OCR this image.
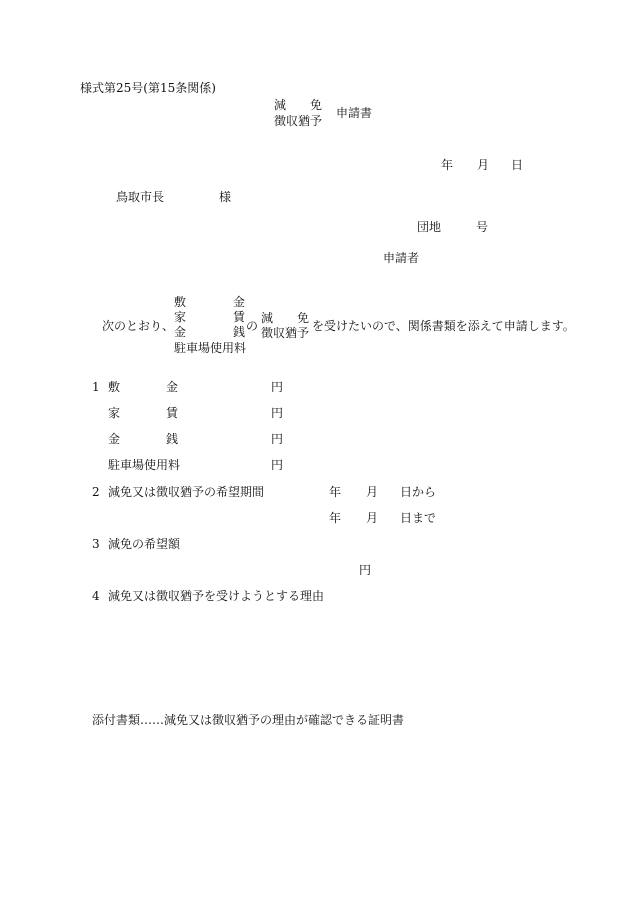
様式第25号(第15条関係)
減　　免
徴収猶予
申請書
年 月 日
鳥取市長	様
団地	号
申請者
敷
家
金
金
賃
銭
駐車場使用料
次のとおり、	の
減　　免
徴収猶予 を受けたいので、関係書類を添えて申請します。
1 敷	金	円
家	賃	円
金	銭	円
駐車場使用料	円
2 減免又は徴収猶予の希望期間	年 月 日から
年 月 日まで
3 減免の希望額
円
4 減免又は徴収猶予を受けようとする理由
添付書類……減免又は徴収猶予の理由が確認できる証明書
